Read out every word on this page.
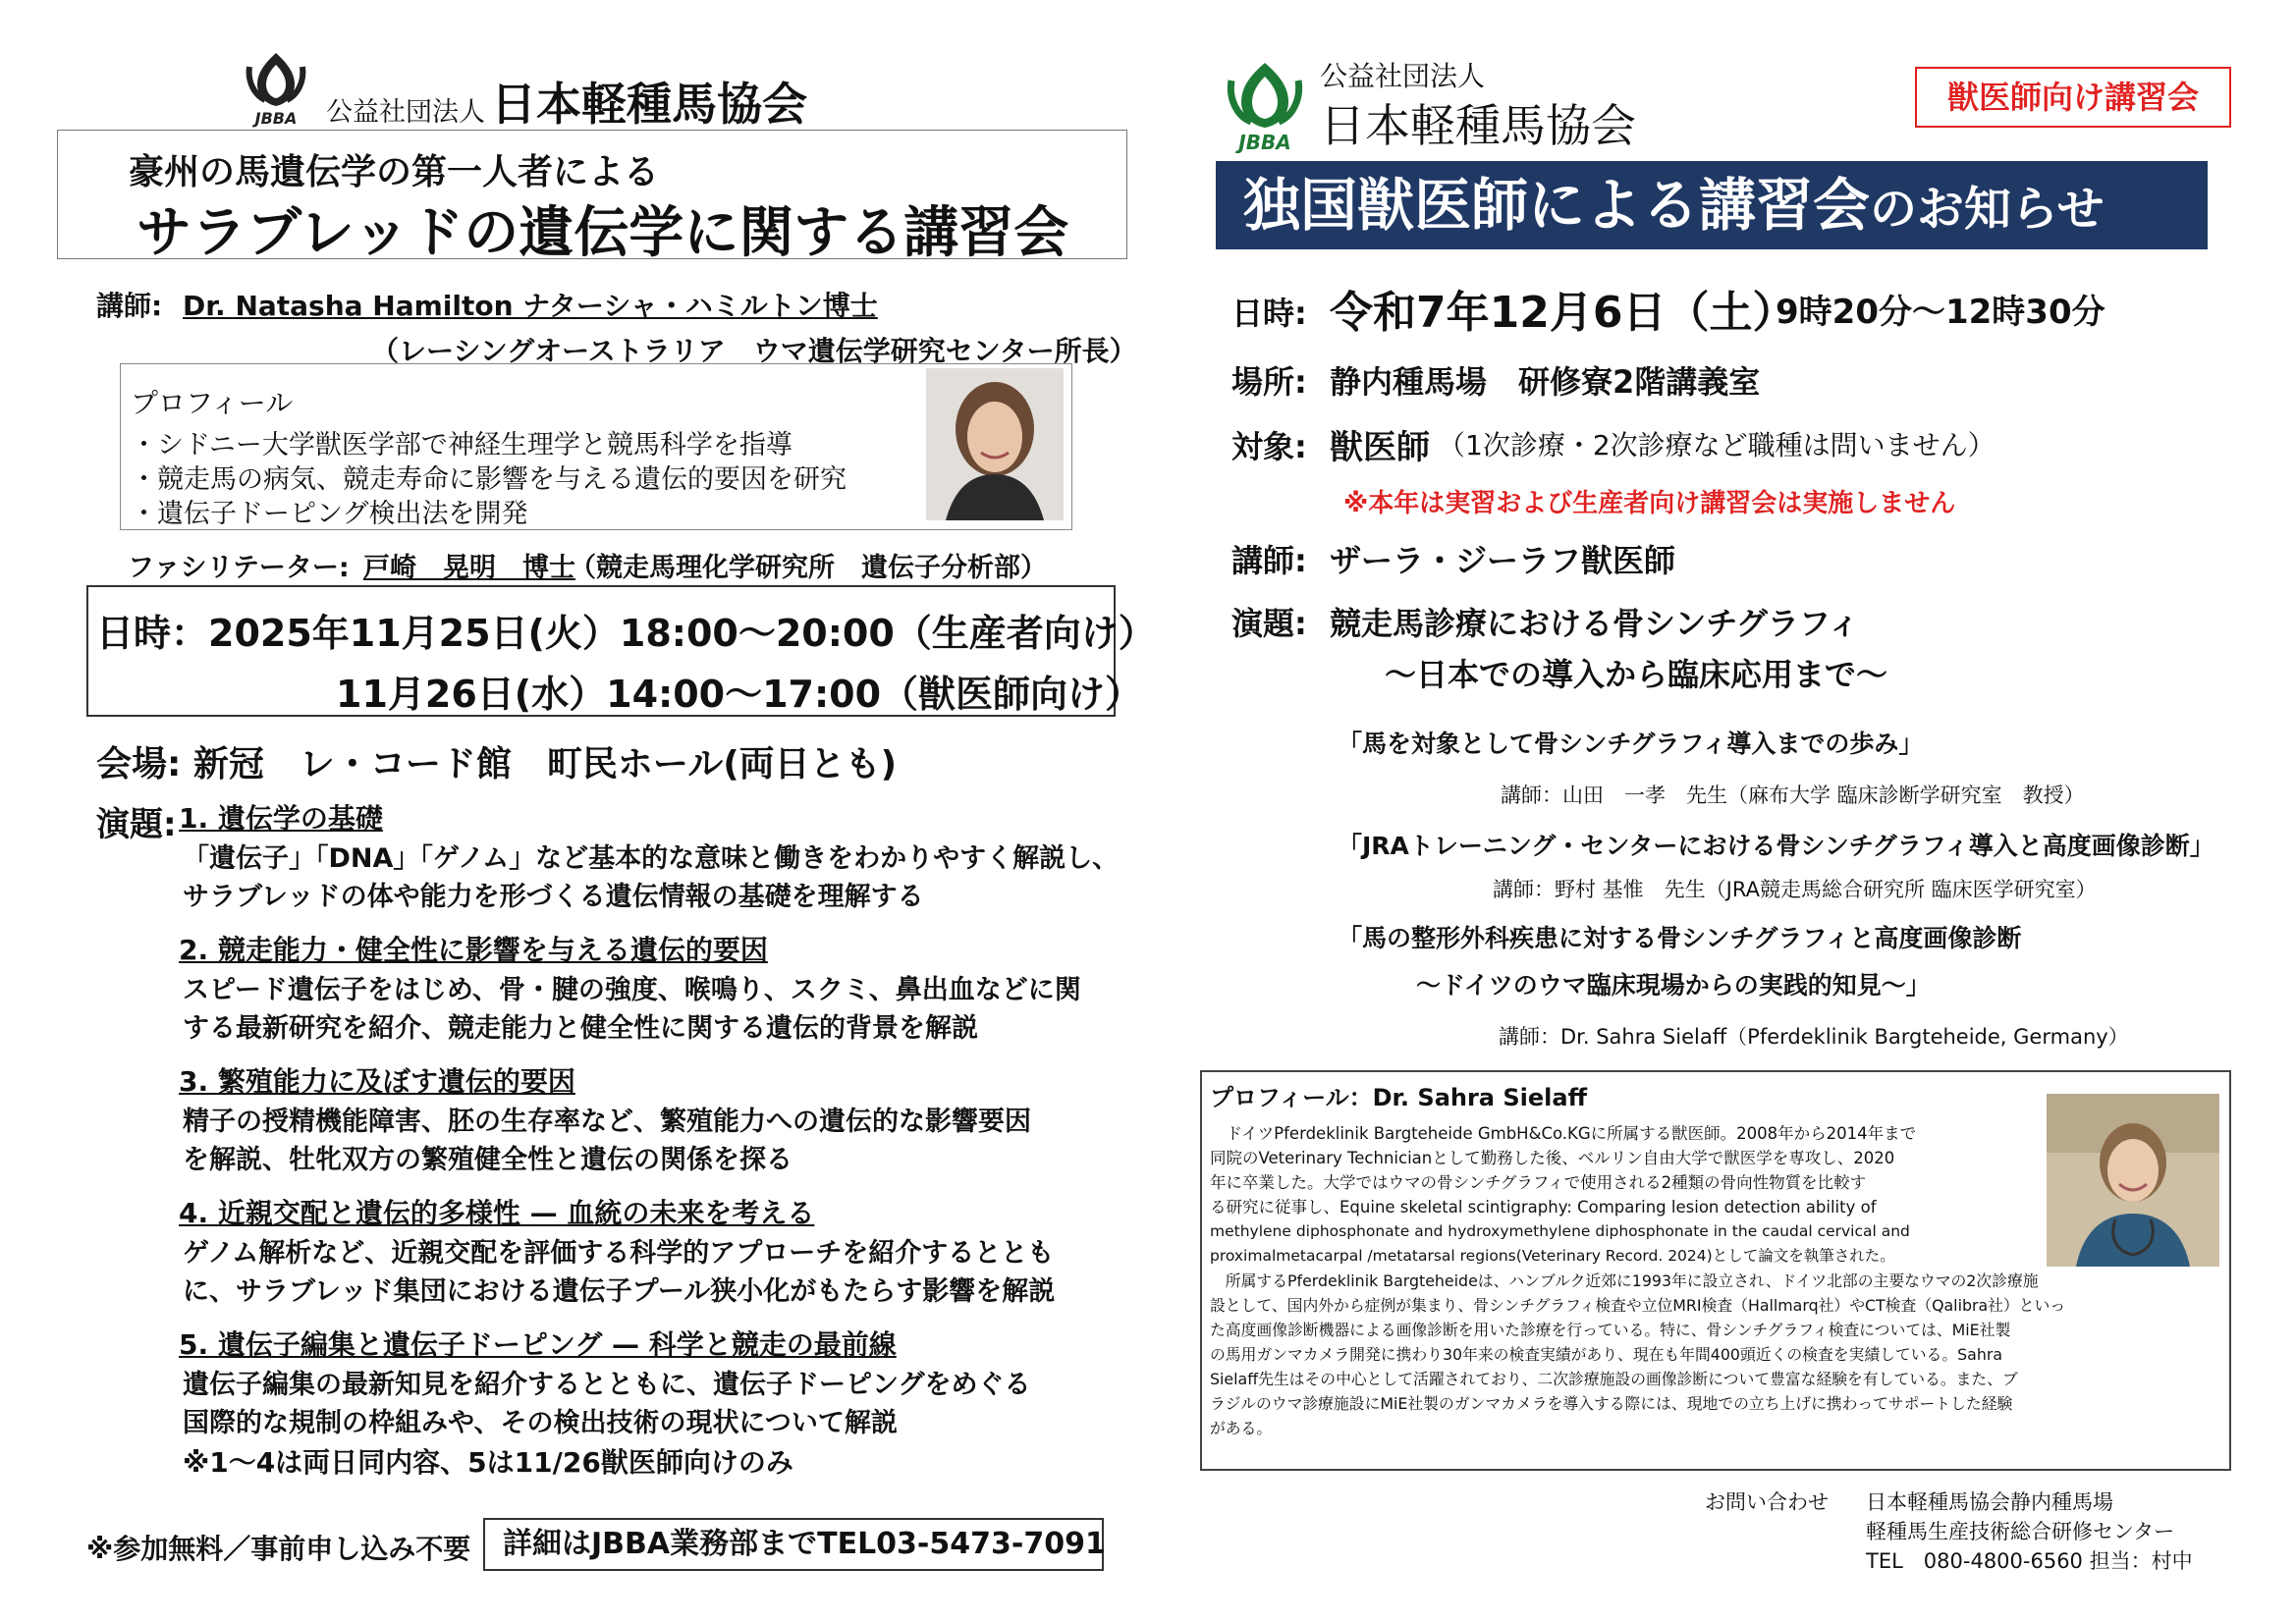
JBBA 公益社団法人 日本軽種馬協会
豪州の馬遺伝学の第一人者による
サラブレッドの遺伝学に関する講習会
講師: Dr. Natasha Hamilton ナターシャ・ハミルトン博士
（レーシングオーストラリア　ウマ遺伝学研究センター所長）
プロフィール
・シドニー大学獣医学部で神経生理学と競馬科学を指導
・競走馬の病気、競走寿命に影響を与える遺伝的要因を研究
・遺伝子ドーピング検出法を開発
ファシリテーター: 戸崎　晃明　博士
（競走馬理化学研究所　遺伝子分析部）
日時：2025年11月25日(火）18:00～20:00（生産者向け）
11月26日(水）14:00～17:00（獣医師向け）
会場: 新冠　レ・コード館　町民ホール(両日とも)
演題: 1. 遺伝学の基礎
「遺伝子」「DNA」「ゲノム」など基本的な意味と働きをわかりやすく解説し、
サラブレッドの体や能力を形づくる遺伝情報の基礎を理解する
2. 競走能力・健全性に影響を与える遺伝的要因
スピード遺伝子をはじめ、骨・腱の強度、喉鳴り、スクミ、鼻出血などに関
する最新研究を紹介、競走能力と健全性に関する遺伝的背景を解説
3. 繁殖能力に及ぼす遺伝的要因
精子の授精機能障害、胚の生存率など、繁殖能力への遺伝的な影響要因
を解説、牡牝双方の繁殖健全性と遺伝の関係を探る
4. 近親交配と遺伝的多様性 — 血統の未来を考える
ゲノム解析など、近親交配を評価する科学的アプローチを紹介するととも
に、サラブレッド集団における遺伝子プール狭小化がもたらす影響を解説
5. 遺伝子編集と遺伝子ドーピング — 科学と競走の最前線
遺伝子編集の最新知見を紹介するとともに、遺伝子ドーピングをめぐる
国際的な規制の枠組みや、その検出技術の現状について解説
※1～4は両日同内容、5は11/26獣医師向けのみ
※参加無料／事前申し込み不要	詳細はJBBA業務部までTEL03-5473-7091
JBBA
公益社団法人
日本軽種馬協会
獣医師向け講習会
独国獣医師による講習会のお知らせ
日時: 令和7年12月6日（土）
9時20分～12時30分
場所: 静内種馬場　研修寮2階講義室
対象: 獣医師 （1次診療・2次診療など職種は問いません）
※本年は実習および生産者向け講習会は実施しません
講師: ザーラ・ジーラフ獣医師
演題: 競走馬診療における骨シンチグラフィ
～日本での導入から臨床応用まで～
「馬を対象として骨シンチグラフィ導入までの歩み」
講師：山田　一孝　先生（麻布大学 臨床診断学研究室　教授）
「JRAトレーニング・センターにおける骨シンチグラフィ導入と高度画像診断」
講師：野村 基惟　先生（JRA競走馬総合研究所 臨床医学研究室）
「馬の整形外科疾患に対する骨シンチグラフィと高度画像診断
～ドイツのウマ臨床現場からの実践的知見～」
講師：Dr. Sahra Sielaff（Pferdeklinik Bargteheide, Germany）
プロフィール：Dr. Sahra Sielaff
　ドイツPferdeklinik Bargteheide GmbH&Co.KGに所属する獣医師。2008年から2014年まで
同院のVeterinary Technicianとして勤務した後、ベルリン自由大学で獣医学を専攻し、2020
年に卒業した。大学ではウマの骨シンチグラフィで使用される2種類の骨向性物質を比較す
る研究に従事し、Equine skeletal scintigraphy: Comparing lesion detection ability of
methylene diphosphonate and hydroxymethylene diphosphonate in the caudal cervical and
proximalmetacarpal /metatarsal regions(Veterinary Record. 2024)として論文を執筆された。
　所属するPferdeklinik Bargteheideは、ハンブルク近郊に1993年に設立され、ドイツ北部の主要なウマの2次診療施
設として、国内外から症例が集まり、骨シンチグラフィ検査や立位MRI検査（Hallmarq社）やCT検査（Qalibra社）といっ
た高度画像診断機器による画像診断を用いた診療を行っている。特に、骨シンチグラフィ検査については、MiE社製
の馬用ガンマカメラ開発に携わり30年来の検査実績があり、現在も年間400頭近くの検査を実績している。Sahra
Sielaff先生はその中心として活躍されており、二次診療施設の画像診断について豊富な経験を有している。また、ブ
ラジルのウマ診療施設にMiE社製のガンマカメラを導入する際には、現地での立ち上げに携わってサポートした経験
がある。
お問い合わせ 日本軽種馬協会静内種馬場
軽種馬生産技術総合研修センター
TEL　080-4800-6560 担当：村中
